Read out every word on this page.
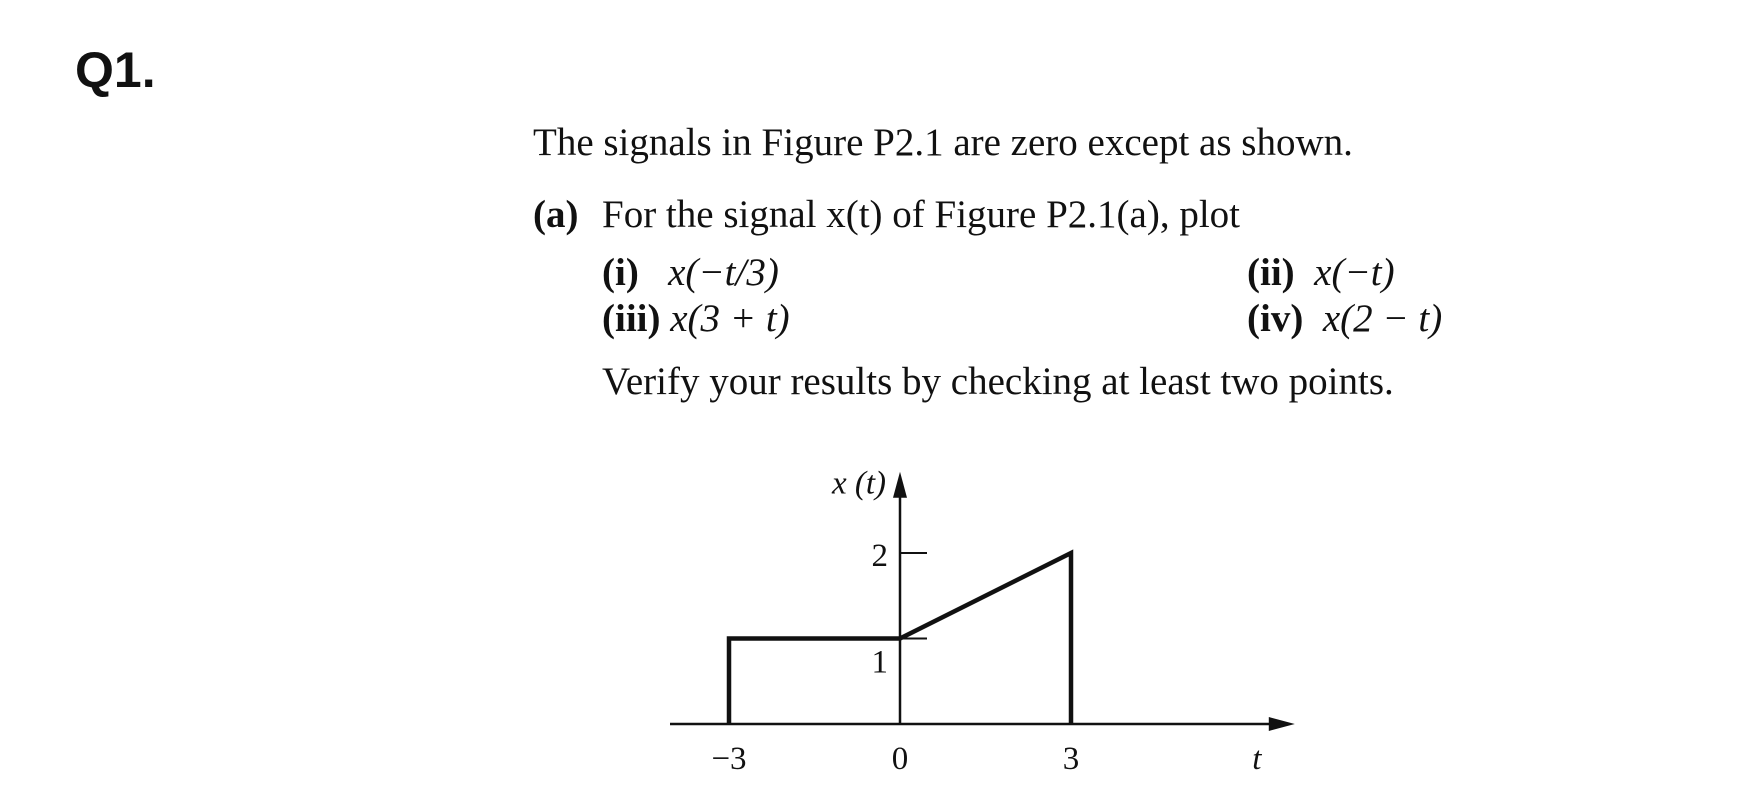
Q1.
The signals in Figure P2.1 are zero except as shown.
(a) For the signal x(t) of Figure P2.1(a), plot
(i) x(−t/3)	(ii) x(−t)
(iii) x(3 + t)	(iv) x(2 − t)
Verify your results by checking at least two points.
1
2
−3	0	3
x (t)
t
